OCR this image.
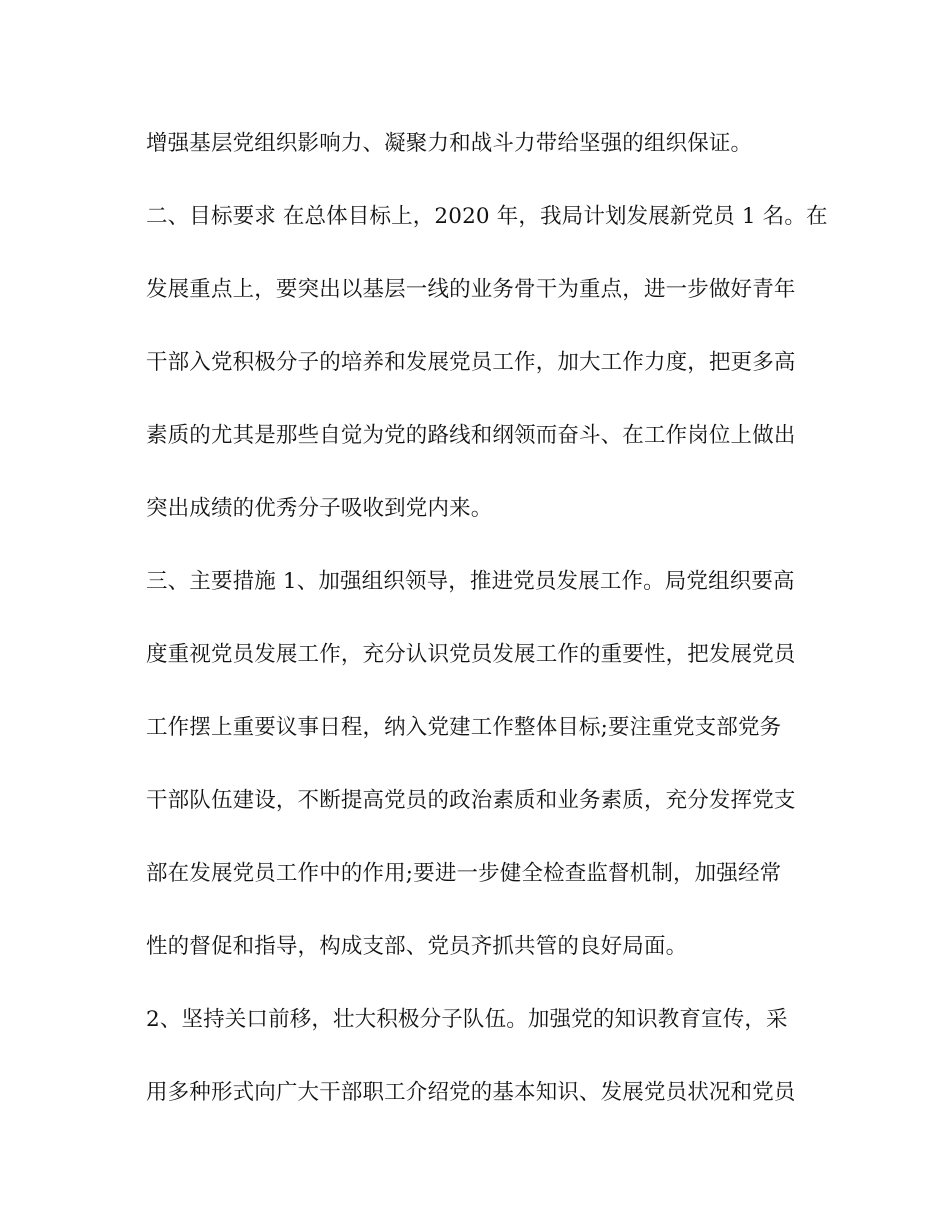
增强基层党组织影响力、凝聚力和战斗力带给坚强的组织保证。
二、目标要求 在总体目标上，2020 年，我局计划发展新党员 1 名。在
发展重点上，要突出以基层一线的业务骨干为重点，进一步做好青年
干部入党积极分子的培养和发展党员工作，加大工作力度，把更多高
素质的尤其是那些自觉为党的路线和纲领而奋斗、在工作岗位上做出
突出成绩的优秀分子吸收到党内来。
三、主要措施 1、加强组织领导，推进党员发展工作。局党组织要高
度重视党员发展工作，充分认识党员发展工作的重要性，把发展党员
工作摆上重要议事日程，纳入党建工作整体目标;要注重党支部党务
干部队伍建设，不断提高党员的政治素质和业务素质，充分发挥党支
部在发展党员工作中的作用;要进一步健全检查监督机制，加强经常
性的督促和指导，构成支部、党员齐抓共管的良好局面。
2、坚持关口前移，壮大积极分子队伍。加强党的知识教育宣传，采
用多种形式向广大干部职工介绍党的基本知识、发展党员状况和党员
